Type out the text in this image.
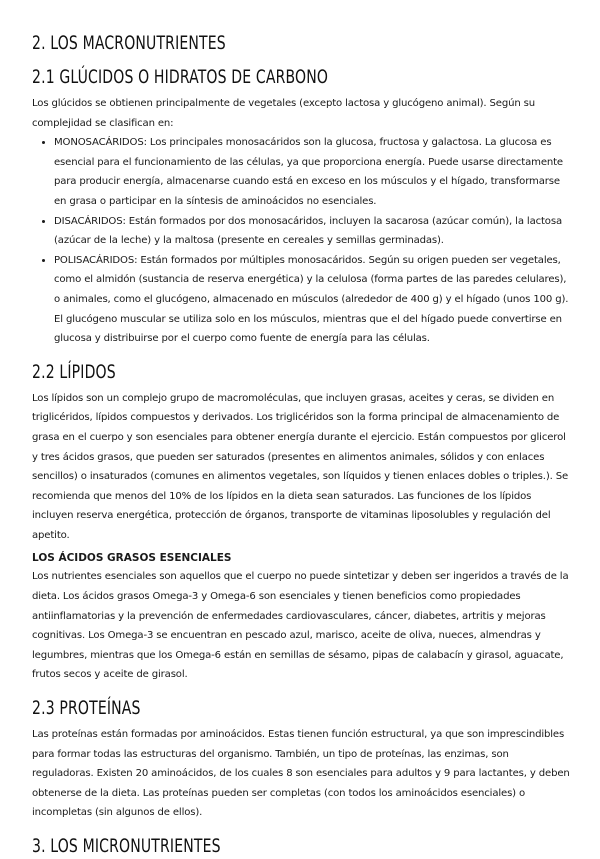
2. LOS MACRONUTRIENTES
2.1 GLÚCIDOS O HIDRATOS DE CARBONO

Los glúcidos se obtienen principalmente de vegetales (excepto lactosa y glucógeno animal). Según su complejidad se clasifican en:

• MONOSACÁRIDOS: Los principales monosacáridos son la glucosa, fructosa y galactosa. La glucosa es esencial para el funcionamiento de las células, ya que proporciona energía. Puede usarse directamente para producir energía, almacenarse cuando está en exceso en los músculos y el hígado, transformarse en grasa o participar en la síntesis de aminoácidos no esenciales.
• DISACÁRIDOS: Están formados por dos monosacáridos, incluyen la sacarosa (azúcar común), la lactosa (azúcar de la leche) y la maltosa (presente en cereales y semillas germinadas).
• POLISACÁRIDOS: Están formados por múltiples monosacáridos. Según su origen pueden ser vegetales, como el almidón (sustancia de reserva energética) y la celulosa (forma partes de las paredes celulares), o animales, como el glucógeno, almacenado en músculos (alrededor de 400 g) y el hígado (unos 100 g). El glucógeno muscular se utiliza solo en los músculos, mientras que el del hígado puede convertirse en glucosa y distribuirse por el cuerpo como fuente de energía para las células.
2.2 LÍPIDOS

Los lípidos son un complejo grupo de macromoléculas, que incluyen grasas, aceites y ceras, se dividen en triglicéridos, lípidos compuestos y derivados. Los triglicéridos son la forma principal de almacenamiento de grasa en el cuerpo y son esenciales para obtener energía durante el ejercicio. Están compuestos por glicerol y tres ácidos grasos, que pueden ser saturados (presentes en alimentos animales, sólidos y con enlaces sencillos) o insaturados (comunes en alimentos vegetales, son líquidos y tienen enlaces dobles o triples.). Se recomienda que menos del 10% de los lípidos en la dieta sean saturados. Las funciones de los lípidos incluyen reserva energética, protección de órganos, transporte de vitaminas liposolubles y regulación del apetito.

LOS ÁCIDOS GRASOS ESENCIALES

Los nutrientes esenciales son aquellos que el cuerpo no puede sintetizar y deben ser ingeridos a través de la dieta. Los ácidos grasos Omega-3 y Omega-6 son esenciales y tienen beneficios como propiedades antiinflamatorias y la prevención de enfermedades cardiovasculares, cáncer, diabetes, artritis y mejoras cognitivas. Los Omega-3 se encuentran en pescado azul, marisco, aceite de oliva, nueces, almendras y legumbres, mientras que los Omega-6 están en semillas de sésamo, pipas de calabacín y girasol, aguacate, frutos secos y aceite de girasol.

2.3 PROTEÍNAS

Las proteínas están formadas por aminoácidos. Estas tienen función estructural, ya que son imprescindibles para formar todas las estructuras del organismo. También, un tipo de proteínas, las enzimas, son reguladoras. Existen 20 aminoácidos, de los cuales 8 son esenciales para adultos y 9 para lactantes, y deben obtenerse de la dieta. Las proteínas pueden ser completas (con todos los aminoácidos esenciales) o incompletas (sin algunos de ellos).

3. LOS MICRONUTRIENTES
